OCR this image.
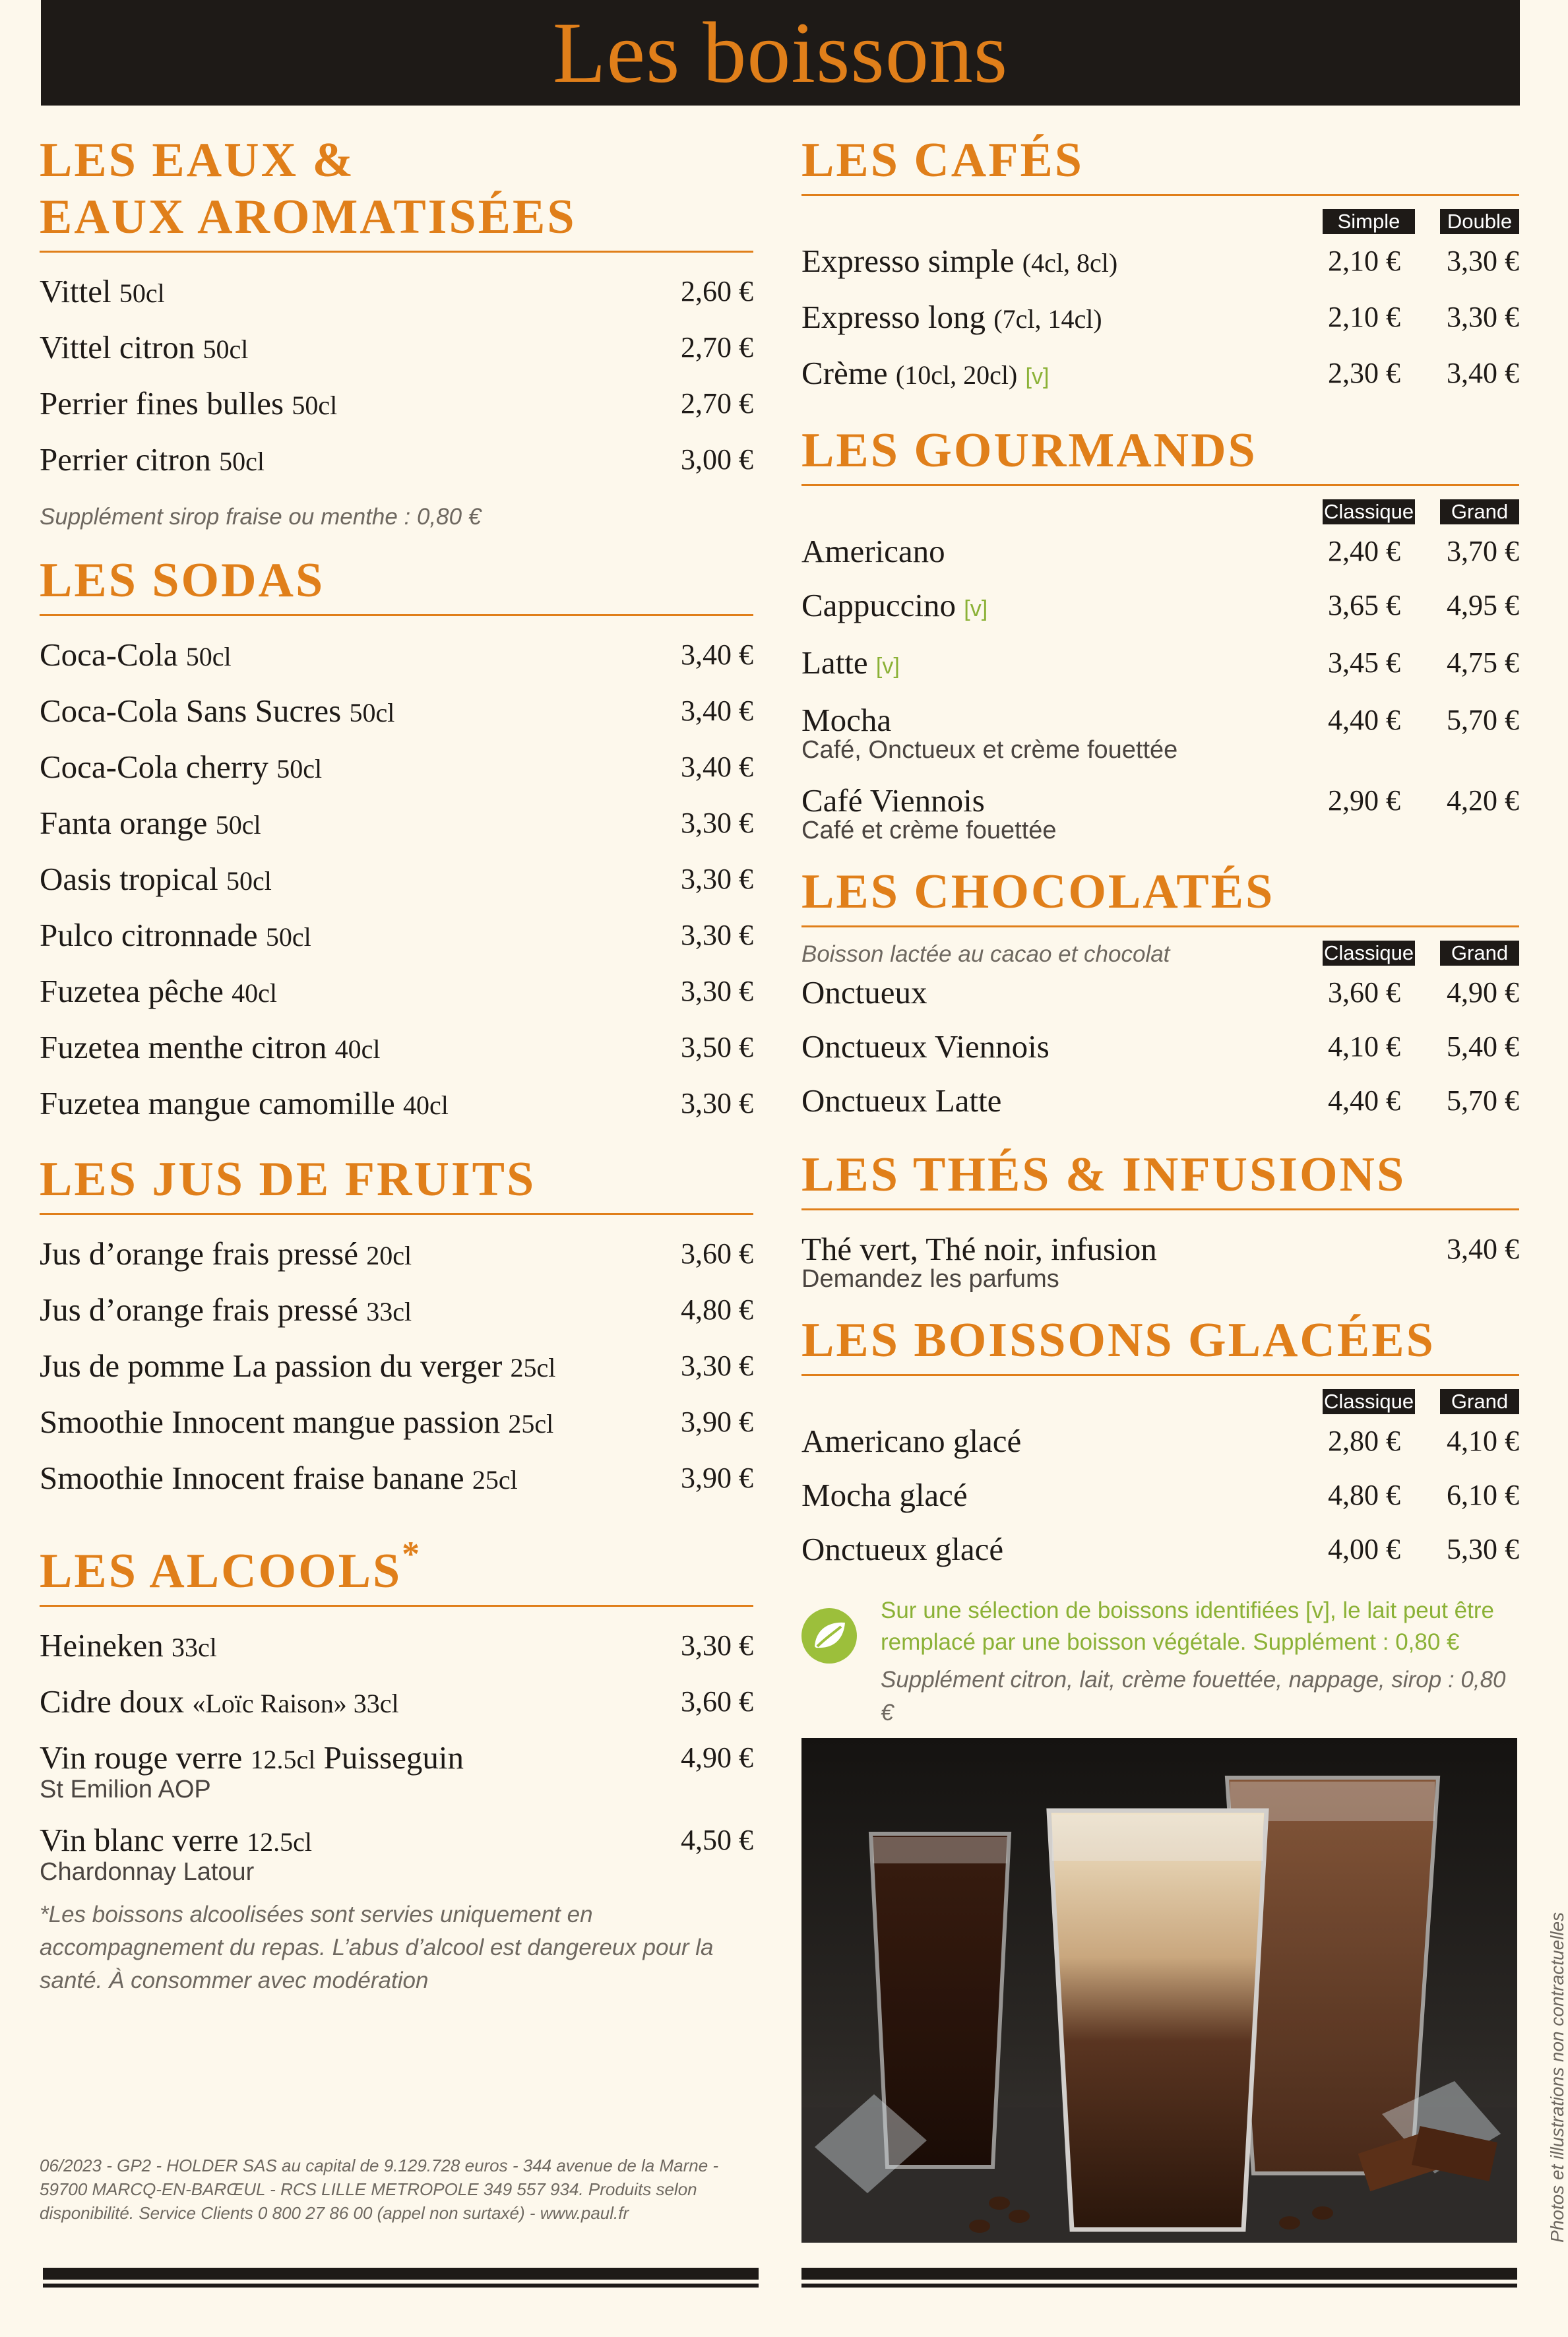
Les boissons
LES EAUX &
EAUX AROMATISÉES
Vittel 50cl	2,60 €
Vittel citron 50cl	2,70 €
Perrier fines bulles 50cl	2,70 €
Perrier citron 50cl	3,00 €
Supplément sirop fraise ou menthe : 0,80 €
LES SODAS
Coca-Cola 50cl	3,40 €
Coca-Cola Sans Sucres 50cl	3,40 €
Coca-Cola cherry 50cl	3,40 €
Fanta orange 50cl	3,30 €
Oasis tropical 50cl	3,30 €
Pulco citronnade 50cl	3,30 €
Fuzetea pêche 40cl	3,30 €
Fuzetea menthe citron 40cl	3,50 €
Fuzetea mangue camomille 40cl	3,30 €
LES JUS DE FRUITS
Jus d’orange frais pressé 20cl	3,60 €
Jus d’orange frais pressé 33cl	4,80 €
Jus de pomme La passion du verger 25cl	3,30 €
Smoothie Innocent mangue passion 25cl	3,90 €
Smoothie Innocent fraise banane 25cl	3,90 €
LES ALCOOLS*
Heineken 33cl	3,30 €
Cidre doux «Loïc Raison» 33cl	3,60 €
Vin rouge verre 12.5cl Puisseguin	4,90 €
St Emilion AOP
Vin blanc verre 12.5cl	4,50 €
Chardonnay Latour
*Les boissons alcoolisées sont servies uniquement en accompagnement du repas. L’abus d’alcool est dangereux pour la santé. À consommer avec modération
LES CAFÉS
Simple	Double
Expresso simple (4cl, 8cl)	2,10 € 3,30 €
Expresso long (7cl, 14cl)	2,10 € 3,30 €
Crème (10cl, 20cl) [v]	2,30 € 3,40 €
LES GOURMANDS
Classique	Grand
Americano	2,40 € 3,70 €
Cappuccino [v]	3,65 € 4,95 €
Latte [v]	3,45 € 4,75 €
Mocha	4,40 € 5,70 €
Café, Onctueux et crème fouettée
Café Viennois	2,90 € 4,20 €
Café et crème fouettée
LES CHOCOLATÉS
Boisson lactée au cacao et chocolat	Classique	Grand
Onctueux	3,60 € 4,90 €
Onctueux Viennois	4,10 € 5,40 €
Onctueux Latte	4,40 € 5,70 €
LES THÉS & INFUSIONS
Thé vert, Thé noir, infusion	3,40 €
Demandez les parfums
LES BOISSONS GLACÉES
Classique	Grand
Americano glacé	2,80 € 4,10 €
Mocha glacé	4,80 € 6,10 €
Onctueux glacé	4,00 € 5,30 €
Sur une sélection de boissons identifiées [v], le lait peut être remplacé par une boisson végétale. Supplément : 0,80 €
Supplément citron, lait, crème fouettée, nappage, sirop : 0,80 €
06/2023 - GP2 - HOLDER SAS au capital de 9.129.728 euros - 344 avenue de la Marne - 59700 MARCQ-EN-BARŒUL - RCS LILLE METROPOLE 349 557 934. Produits selon disponibilité. Service Clients 0 800 27 86 00 (appel non surtaxé) - www.paul.fr	Photos et illustrations non contractuelles
